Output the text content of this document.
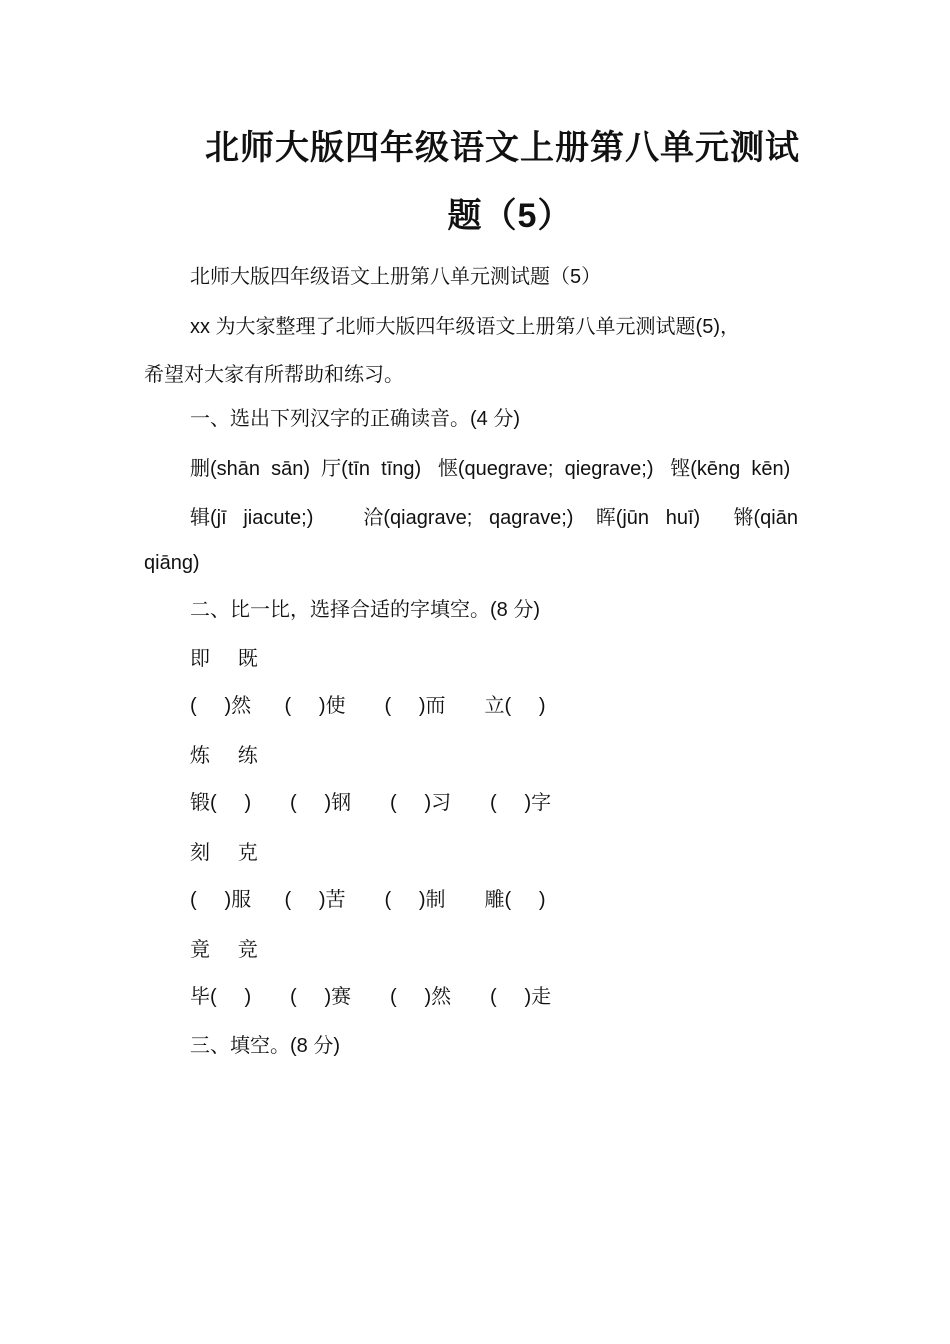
北师大版四年级语文上册第八单元测试
题（5）
北师大版四年级语文上册第八单元测试题（5）
xx 为大家整理了北师大版四年级语文上册第八单元测试题(5)，
希望对大家有所帮助和练习。
一、选出下列汉字的正确读音。(4 分)
删(shān  sān)  厅(tīn  tīng)   惬(quegrave;  qiegrave;)   铿(kēng  kēn)
辑(jī   jiacute;)         洽(qiagrave;   qagrave;)    晖(jūn   huī)      锵(qiān
qiāng)
二、比一比，选择合适的字填空。(8 分)
即     既
(     )然      (     )使       (     )而       立(     )
炼     练
锻(     )       (     )钢       (     )习       (     )字
刻     克
(     )服      (     )苦       (     )制       雕(     )
竟     竞
毕(     )       (     )赛       (     )然       (     )走
三、填空。(8 分)
